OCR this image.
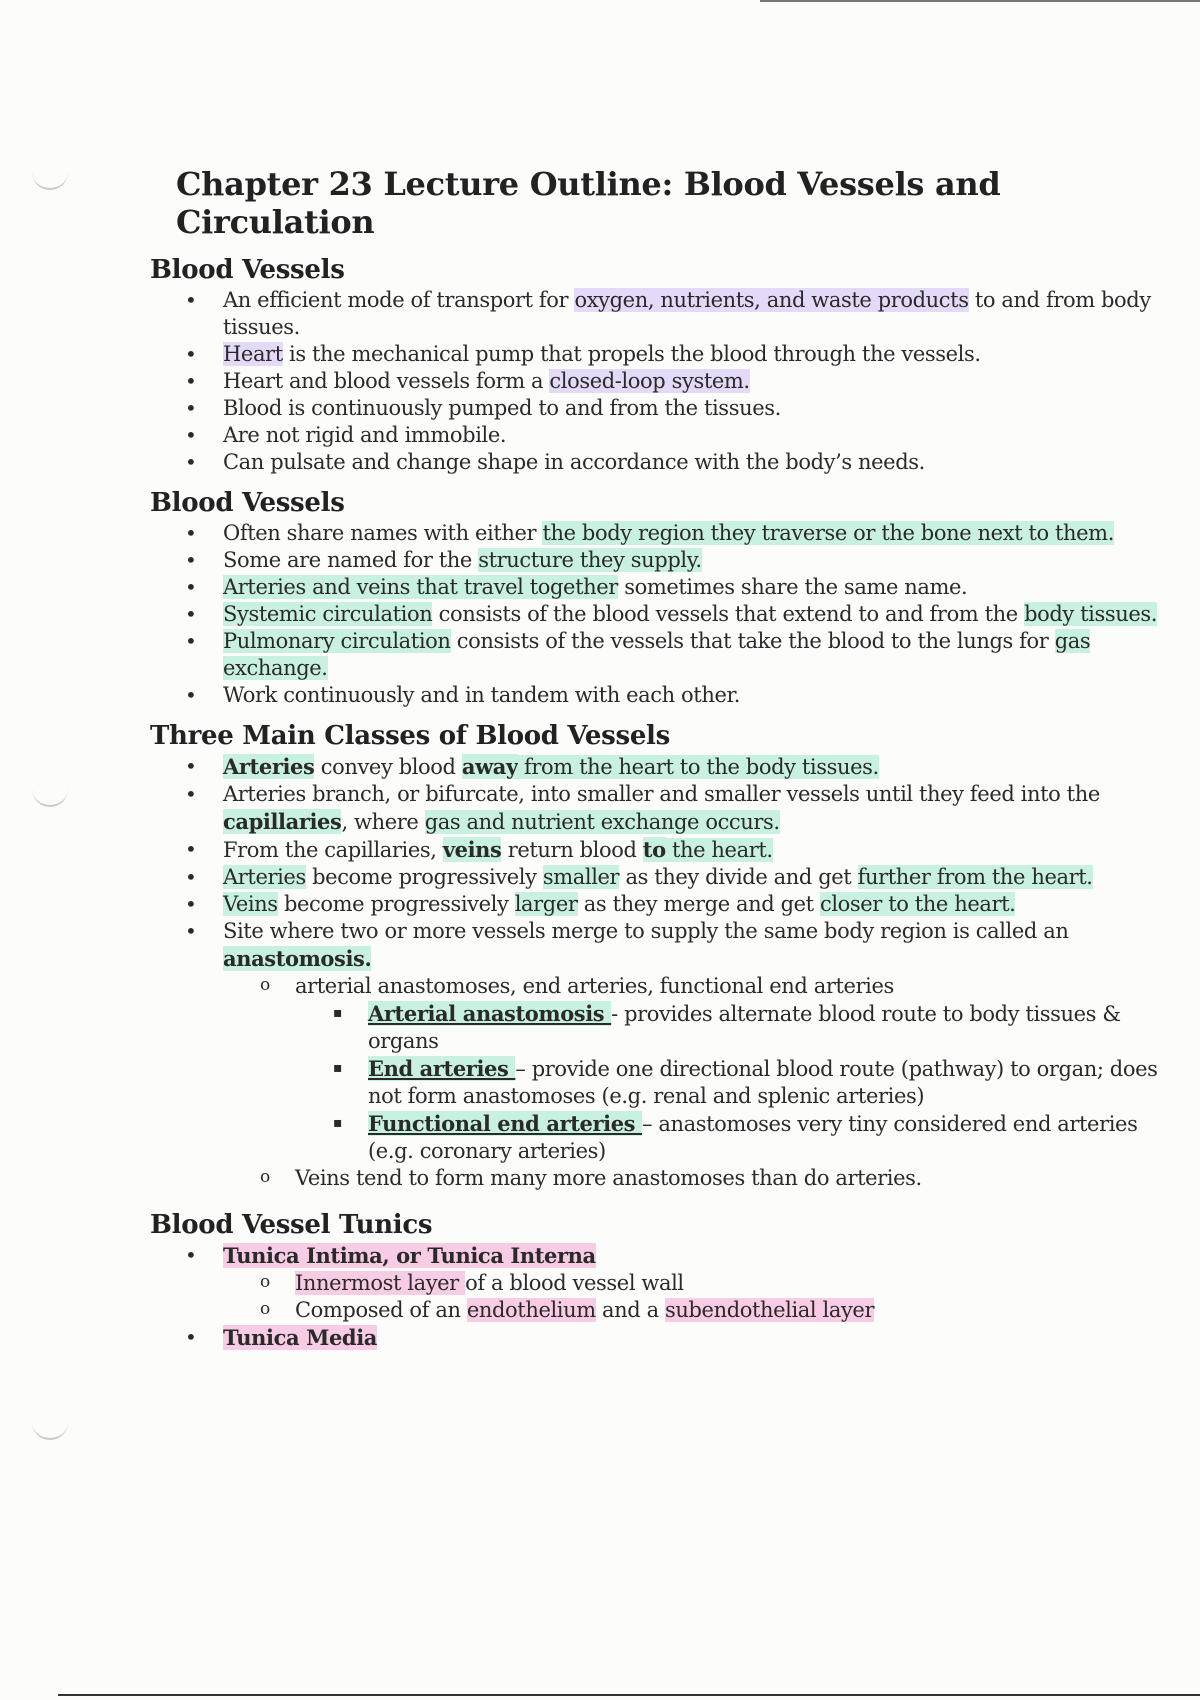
Chapter 23 Lecture Outline: Blood Vessels and Circulation
Blood Vessels
• An efficient mode of transport for oxygen, nutrients, and waste products to and from body tissues.
• Heart is the mechanical pump that propels the blood through the vessels.
• Heart and blood vessels form a closed-loop system.
• Blood is continuously pumped to and from the tissues.
• Are not rigid and immobile.
• Can pulsate and change shape in accordance with the body’s needs.
Blood Vessels
• Often share names with either the body region they traverse or the bone next to them.
• Some are named for the structure they supply.
• Arteries and veins that travel together sometimes share the same name.
• Systemic circulation consists of the blood vessels that extend to and from the body tissues.
• Pulmonary circulation consists of the vessels that take the blood to the lungs for gas exchange.
• Work continuously and in tandem with each other.
Three Main Classes of Blood Vessels
• Arteries convey blood away from the heart to the body tissues.
• Arteries branch, or bifurcate, into smaller and smaller vessels until they feed into the capillaries, where gas and nutrient exchange occurs.
• From the capillaries, veins return blood to the heart.
• Arteries become progressively smaller as they divide and get further from the heart.
• Veins become progressively larger as they merge and get closer to the heart.
• Site where two or more vessels merge to supply the same body region is called an anastomosis.
o arterial anastomoses, end arteries, functional end arteries
▪ Arterial anastomosis - provides alternate blood route to body tissues & organs
▪ End arteries – provide one directional blood route (pathway) to organ; does not form anastomoses (e.g. renal and splenic arteries)
▪ Functional end arteries – anastomoses very tiny considered end arteries (e.g. coronary arteries)
o Veins tend to form many more anastomoses than do arteries.
Blood Vessel Tunics
• Tunica Intima, or Tunica Interna
o Innermost layer of a blood vessel wall
o Composed of an endothelium and a subendothelial layer
• Tunica Media
